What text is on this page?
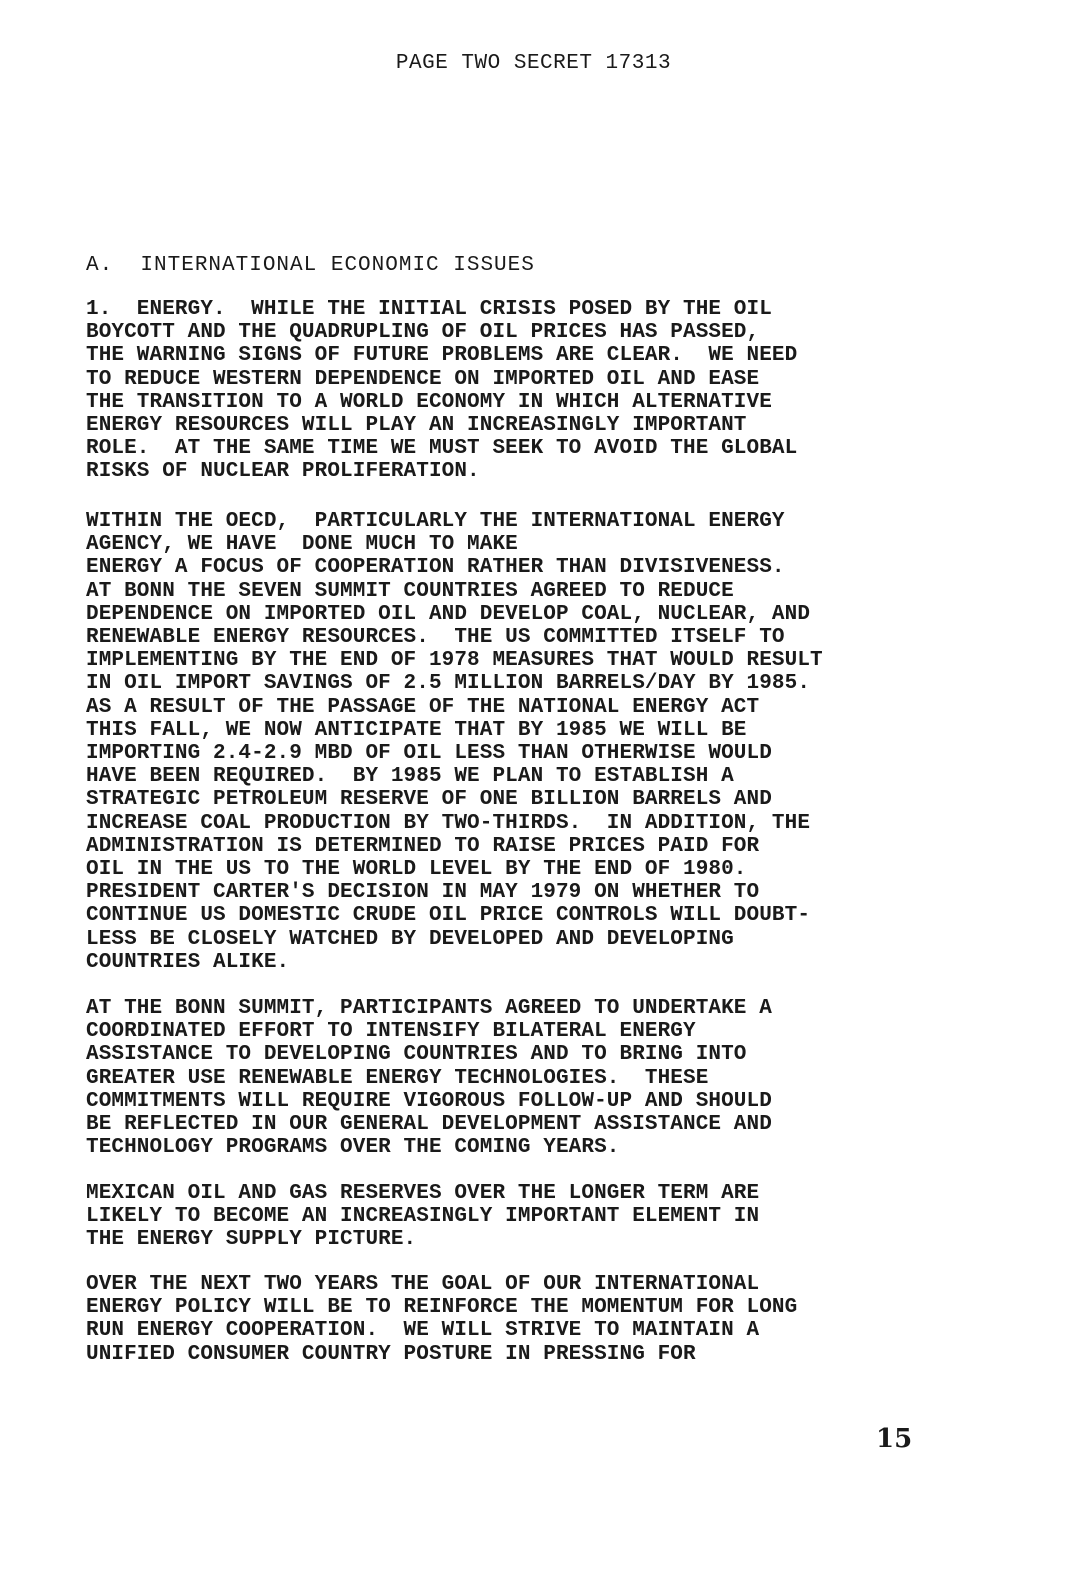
PAGE TWO SECRET 17313
A.  INTERNATIONAL ECONOMIC ISSUES
1.  ENERGY.  WHILE THE INITIAL CRISIS POSED BY THE OIL
BOYCOTT AND THE QUADRUPLING OF OIL PRICES HAS PASSED,
THE WARNING SIGNS OF FUTURE PROBLEMS ARE CLEAR.  WE NEED
TO REDUCE WESTERN DEPENDENCE ON IMPORTED OIL AND EASE
THE TRANSITION TO A WORLD ECONOMY IN WHICH ALTERNATIVE
ENERGY RESOURCES WILL PLAY AN INCREASINGLY IMPORTANT
ROLE.  AT THE SAME TIME WE MUST SEEK TO AVOID THE GLOBAL
RISKS OF NUCLEAR PROLIFERATION.
WITHIN THE OECD,  PARTICULARLY THE INTERNATIONAL ENERGY
AGENCY, WE HAVE  DONE MUCH TO MAKE
ENERGY A FOCUS OF COOPERATION RATHER THAN DIVISIVENESS.
AT BONN THE SEVEN SUMMIT COUNTRIES AGREED TO REDUCE
DEPENDENCE ON IMPORTED OIL AND DEVELOP COAL, NUCLEAR, AND
RENEWABLE ENERGY RESOURCES.  THE US COMMITTED ITSELF TO
IMPLEMENTING BY THE END OF 1978 MEASURES THAT WOULD RESULT
IN OIL IMPORT SAVINGS OF 2.5 MILLION BARRELS/DAY BY 1985.
AS A RESULT OF THE PASSAGE OF THE NATIONAL ENERGY ACT
THIS FALL, WE NOW ANTICIPATE THAT BY 1985 WE WILL BE
IMPORTING 2.4-2.9 MBD OF OIL LESS THAN OTHERWISE WOULD
HAVE BEEN REQUIRED.  BY 1985 WE PLAN TO ESTABLISH A
STRATEGIC PETROLEUM RESERVE OF ONE BILLION BARRELS AND
INCREASE COAL PRODUCTION BY TWO-THIRDS.  IN ADDITION, THE
ADMINISTRATION IS DETERMINED TO RAISE PRICES PAID FOR
OIL IN THE US TO THE WORLD LEVEL BY THE END OF 1980.
PRESIDENT CARTER'S DECISION IN MAY 1979 ON WHETHER TO
CONTINUE US DOMESTIC CRUDE OIL PRICE CONTROLS WILL DOUBT-
LESS BE CLOSELY WATCHED BY DEVELOPED AND DEVELOPING
COUNTRIES ALIKE.
AT THE BONN SUMMIT, PARTICIPANTS AGREED TO UNDERTAKE A
COORDINATED EFFORT TO INTENSIFY BILATERAL ENERGY
ASSISTANCE TO DEVELOPING COUNTRIES AND TO BRING INTO
GREATER USE RENEWABLE ENERGY TECHNOLOGIES.  THESE
COMMITMENTS WILL REQUIRE VIGOROUS FOLLOW-UP AND SHOULD
BE REFLECTED IN OUR GENERAL DEVELOPMENT ASSISTANCE AND
TECHNOLOGY PROGRAMS OVER THE COMING YEARS.
MEXICAN OIL AND GAS RESERVES OVER THE LONGER TERM ARE
LIKELY TO BECOME AN INCREASINGLY IMPORTANT ELEMENT IN
THE ENERGY SUPPLY PICTURE.
OVER THE NEXT TWO YEARS THE GOAL OF OUR INTERNATIONAL
ENERGY POLICY WILL BE TO REINFORCE THE MOMENTUM FOR LONG
RUN ENERGY COOPERATION.  WE WILL STRIVE TO MAINTAIN A
UNIFIED CONSUMER COUNTRY POSTURE IN PRESSING FOR
15
